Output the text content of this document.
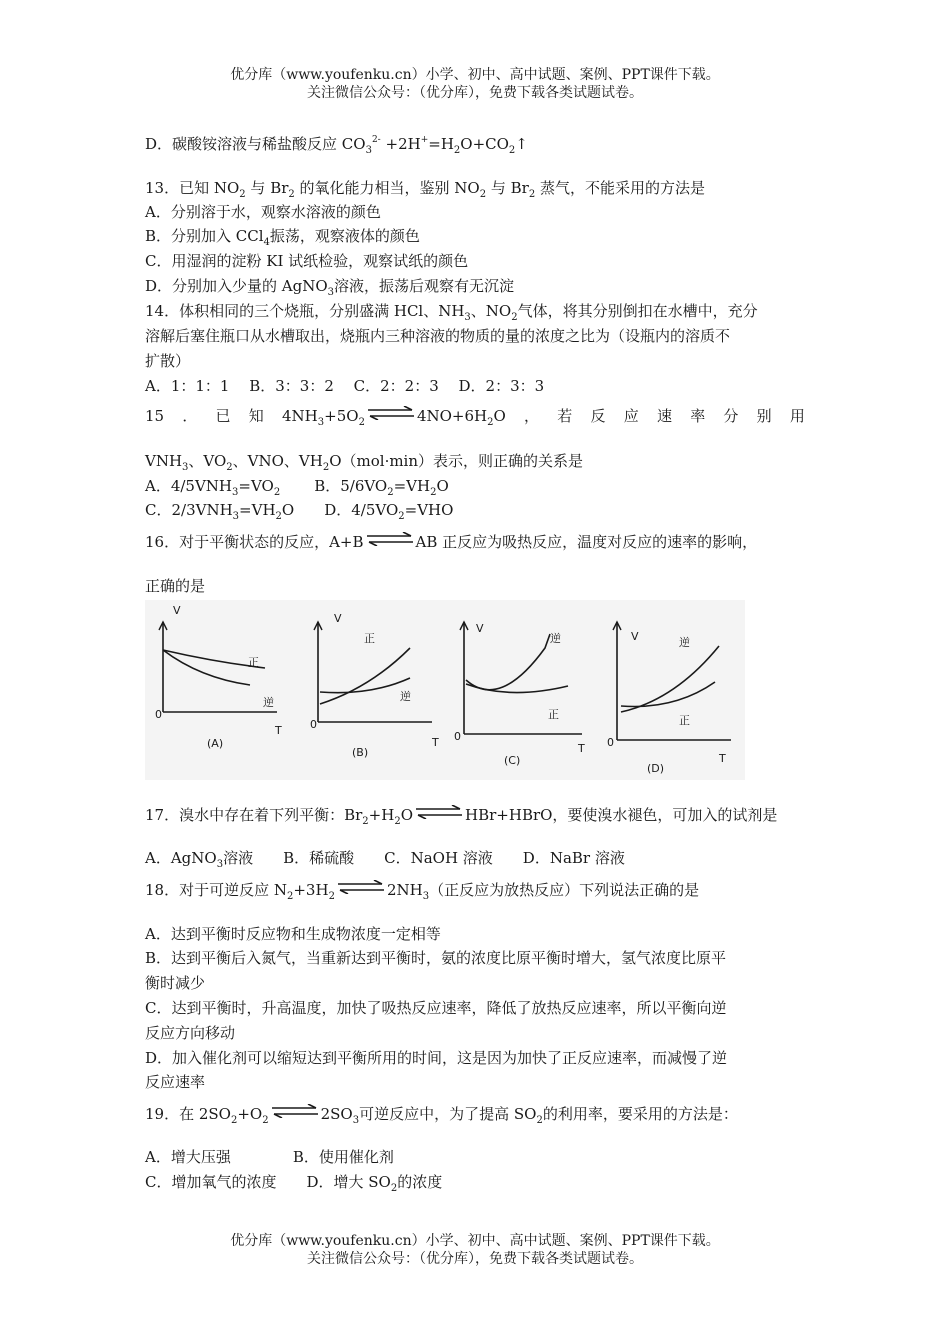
优分库（www.youfenku.cn）小学、初中、高中试题、案例、PPT课件下载。
关注微信公众号：（优分库），免费下载各类试题试卷。
D．碳酸铵溶液与稀盐酸反应 $CO_3^{2-}$ $+2H^+=H_2O+CO_2↑$
13．已知 $NO_2$ 与 $Br_2$ 的氧化能力相当，鉴别 $NO_2$ 与 $Br_2$ 蒸气，不能采用的方法是
A．分别溶于水，观察水溶液的颜色
B．分别加入 CCl$_4$振荡，观察液体的颜色
C．用湿润的淀粉 KI 试纸检验，观察试纸的颜色
D．分别加入少量的 AgNO$_3$溶液，振荡后观察有无沉淀
14．体积相同的三个烧瓶，分别盛满 HCl、$NH_3$、$NO_2$气体，将其分别倒扣在水槽中，充分
溶解后塞住瓶口从水槽取出，烧瓶内三种溶液的物质的量的浓度之比为（设瓶内的溶质不
扩散）
A．1：1：1　 B．3：3：2　 C．2：2：3　 D．2：3：3
15 ． 已 知 $4NH_3+5O_2$ $\rightleftharpoons 4NO+6H_2O$ ， 若 反 应 速 率 分 别 用
$VNH_3$、$VO_2$、VNO、$VH_2O(mol\cdot\min)$表示，则正确的关系是
A．$4/5VNH_3=VO_2$ B．$5/6VO_2=VH_2O$
C．$2/3VNH_3=VH_2O$ D．$4/5VO_2=VHO$
16．对于平衡状态的反应，A+B⇌AB 正反应为吸热反应，温度对反应的速率的影响，
正确的是
V
T
0
正
逆
(A)
V
T
0
正
逆
(B)
V
T
0
逆
正
(C)
V
T
0
逆
正
(D)
17．溴水中存在着下列平衡：$Br_2+H_2O\rightleftharpoons HBr+HBrO$，要使溴水褪色，可加入的试剂是
A．AgNO$_3$溶液　　B．稀硫酸　　C．NaOH 溶液　　D．NaBr 溶液
18．对于可逆反应 $N_2+3H_2$ $\rightleftharpoons 2NH_3$（正反应为放热反应）下列说法正确的是
A．达到平衡时反应物和生成物浓度一定相等
B．达到平衡后入氮气，当重新达到平衡时，氨的浓度比原平衡时增大，氢气浓度比原平
衡时减少
C．达到平衡时，升高温度，加快了吸热反应速率，降低了放热反应速率，所以平衡向逆
反应方向移动
D．加入催化剂可以缩短达到平衡所用的时间，这是因为加快了正反应速率，而减慢了逆
反应速率
19．在 $2SO_2+O_2$ $\rightleftharpoons 2SO_3$可逆反应中，为了提高 $SO_2$的利用率，要采用的方法是：
A．增大压强	B．使用催化剂
C．增加氧气的浓度 D．增大 $SO_2$的浓度
优分库（www.youfenku.cn）小学、初中、高中试题、案例、PPT课件下载。
关注微信公众号：（优分库），免费下载各类试题试卷。
